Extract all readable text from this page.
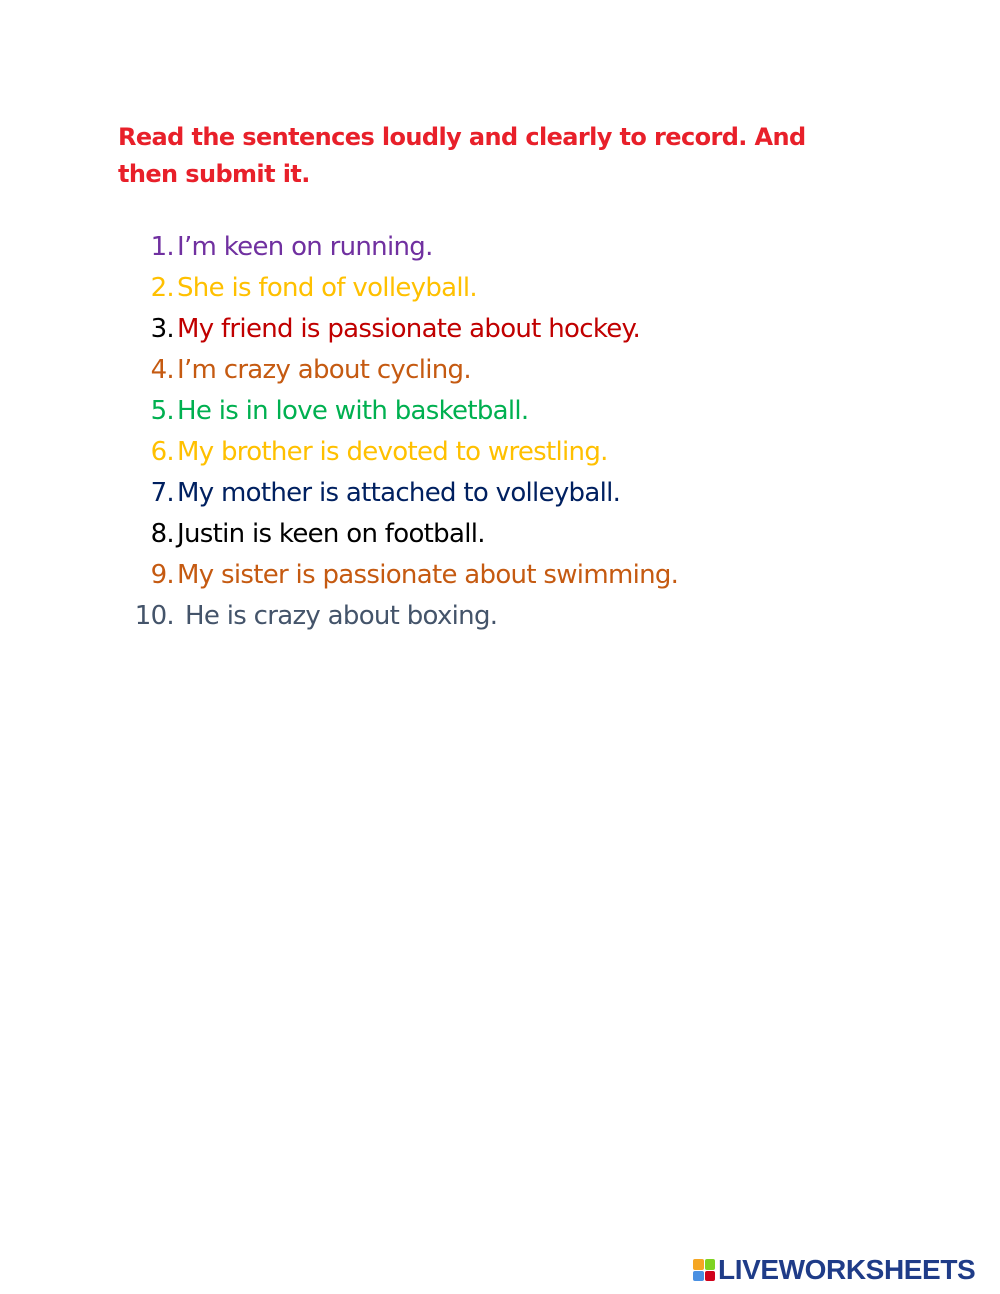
Read the sentences loudly and clearly to record. And then submit it.
1. I’m keen on running.
2. She is fond of volleyball.
3. My friend is passionate about hockey.
4. I’m crazy about cycling.
5. He is in love with basketball.
6. My brother is devoted to wrestling.
7. My mother is attached to volleyball.
8. Justin is keen on football.
9. My sister is passionate about swimming.
10. He is crazy about boxing.
LIVEWORKSHEETS
